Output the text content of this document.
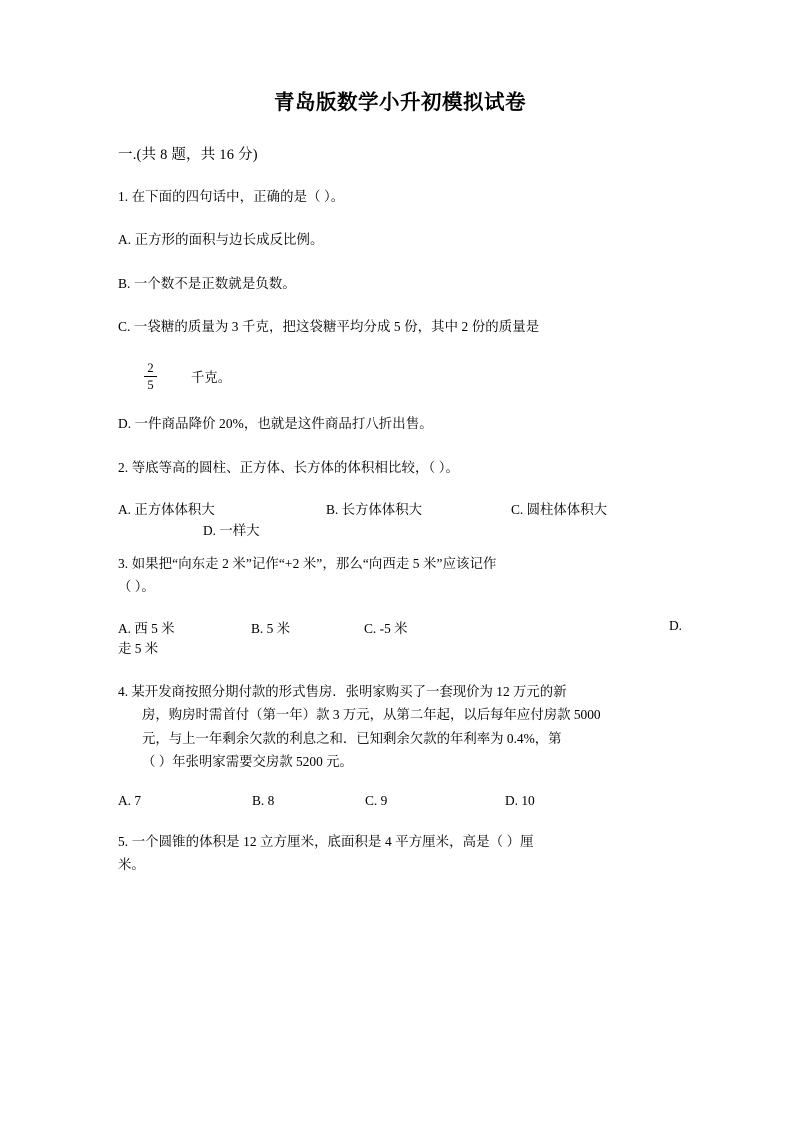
青岛版数学小升初模拟试卷
一.(共 8 题，共 16 分)
1. 在下面的四句话中，正确的是（ ）。
A. 正方形的面积与边长成反比例。
B. 一个数不是正数就是负数。
C. 一袋糖的质量为 3 千克，把这袋糖平均分成 5 份，其中 2 份的质量是
$\frac{2}{5}$	千克。
D. 一件商品降价 20%，也就是这件商品打八折出售。
2. 等底等高的圆柱、正方体、长方体的体积相比较，（ ）。
A. 正方体体积大	B. 长方体体积大	C. 圆柱体体积大
D. 一样大
3. 如果把“向东走 2 米”记作“+2 米”，那么“向西走 5 米”应该记作
（ ）。
A. 西 5 米	B. 5 米	C. -5 米	D.
走 5 米
4. 某开发商按照分期付款的形式售房．张明家购买了一套现价为 12 万元的新
房，购房时需首付（第一年）款 3 万元，从第二年起，以后每年应付房款 5000
元，与上一年剩余欠款的利息之和．已知剩余欠款的年利率为 0.4%，第
（ ）年张明家需要交房款 5200 元。
A. 7	B. 8	C. 9	D. 10
5. 一个圆锥的体积是 12 立方厘米，底面积是 4 平方厘米，高是（ ）厘
米。
